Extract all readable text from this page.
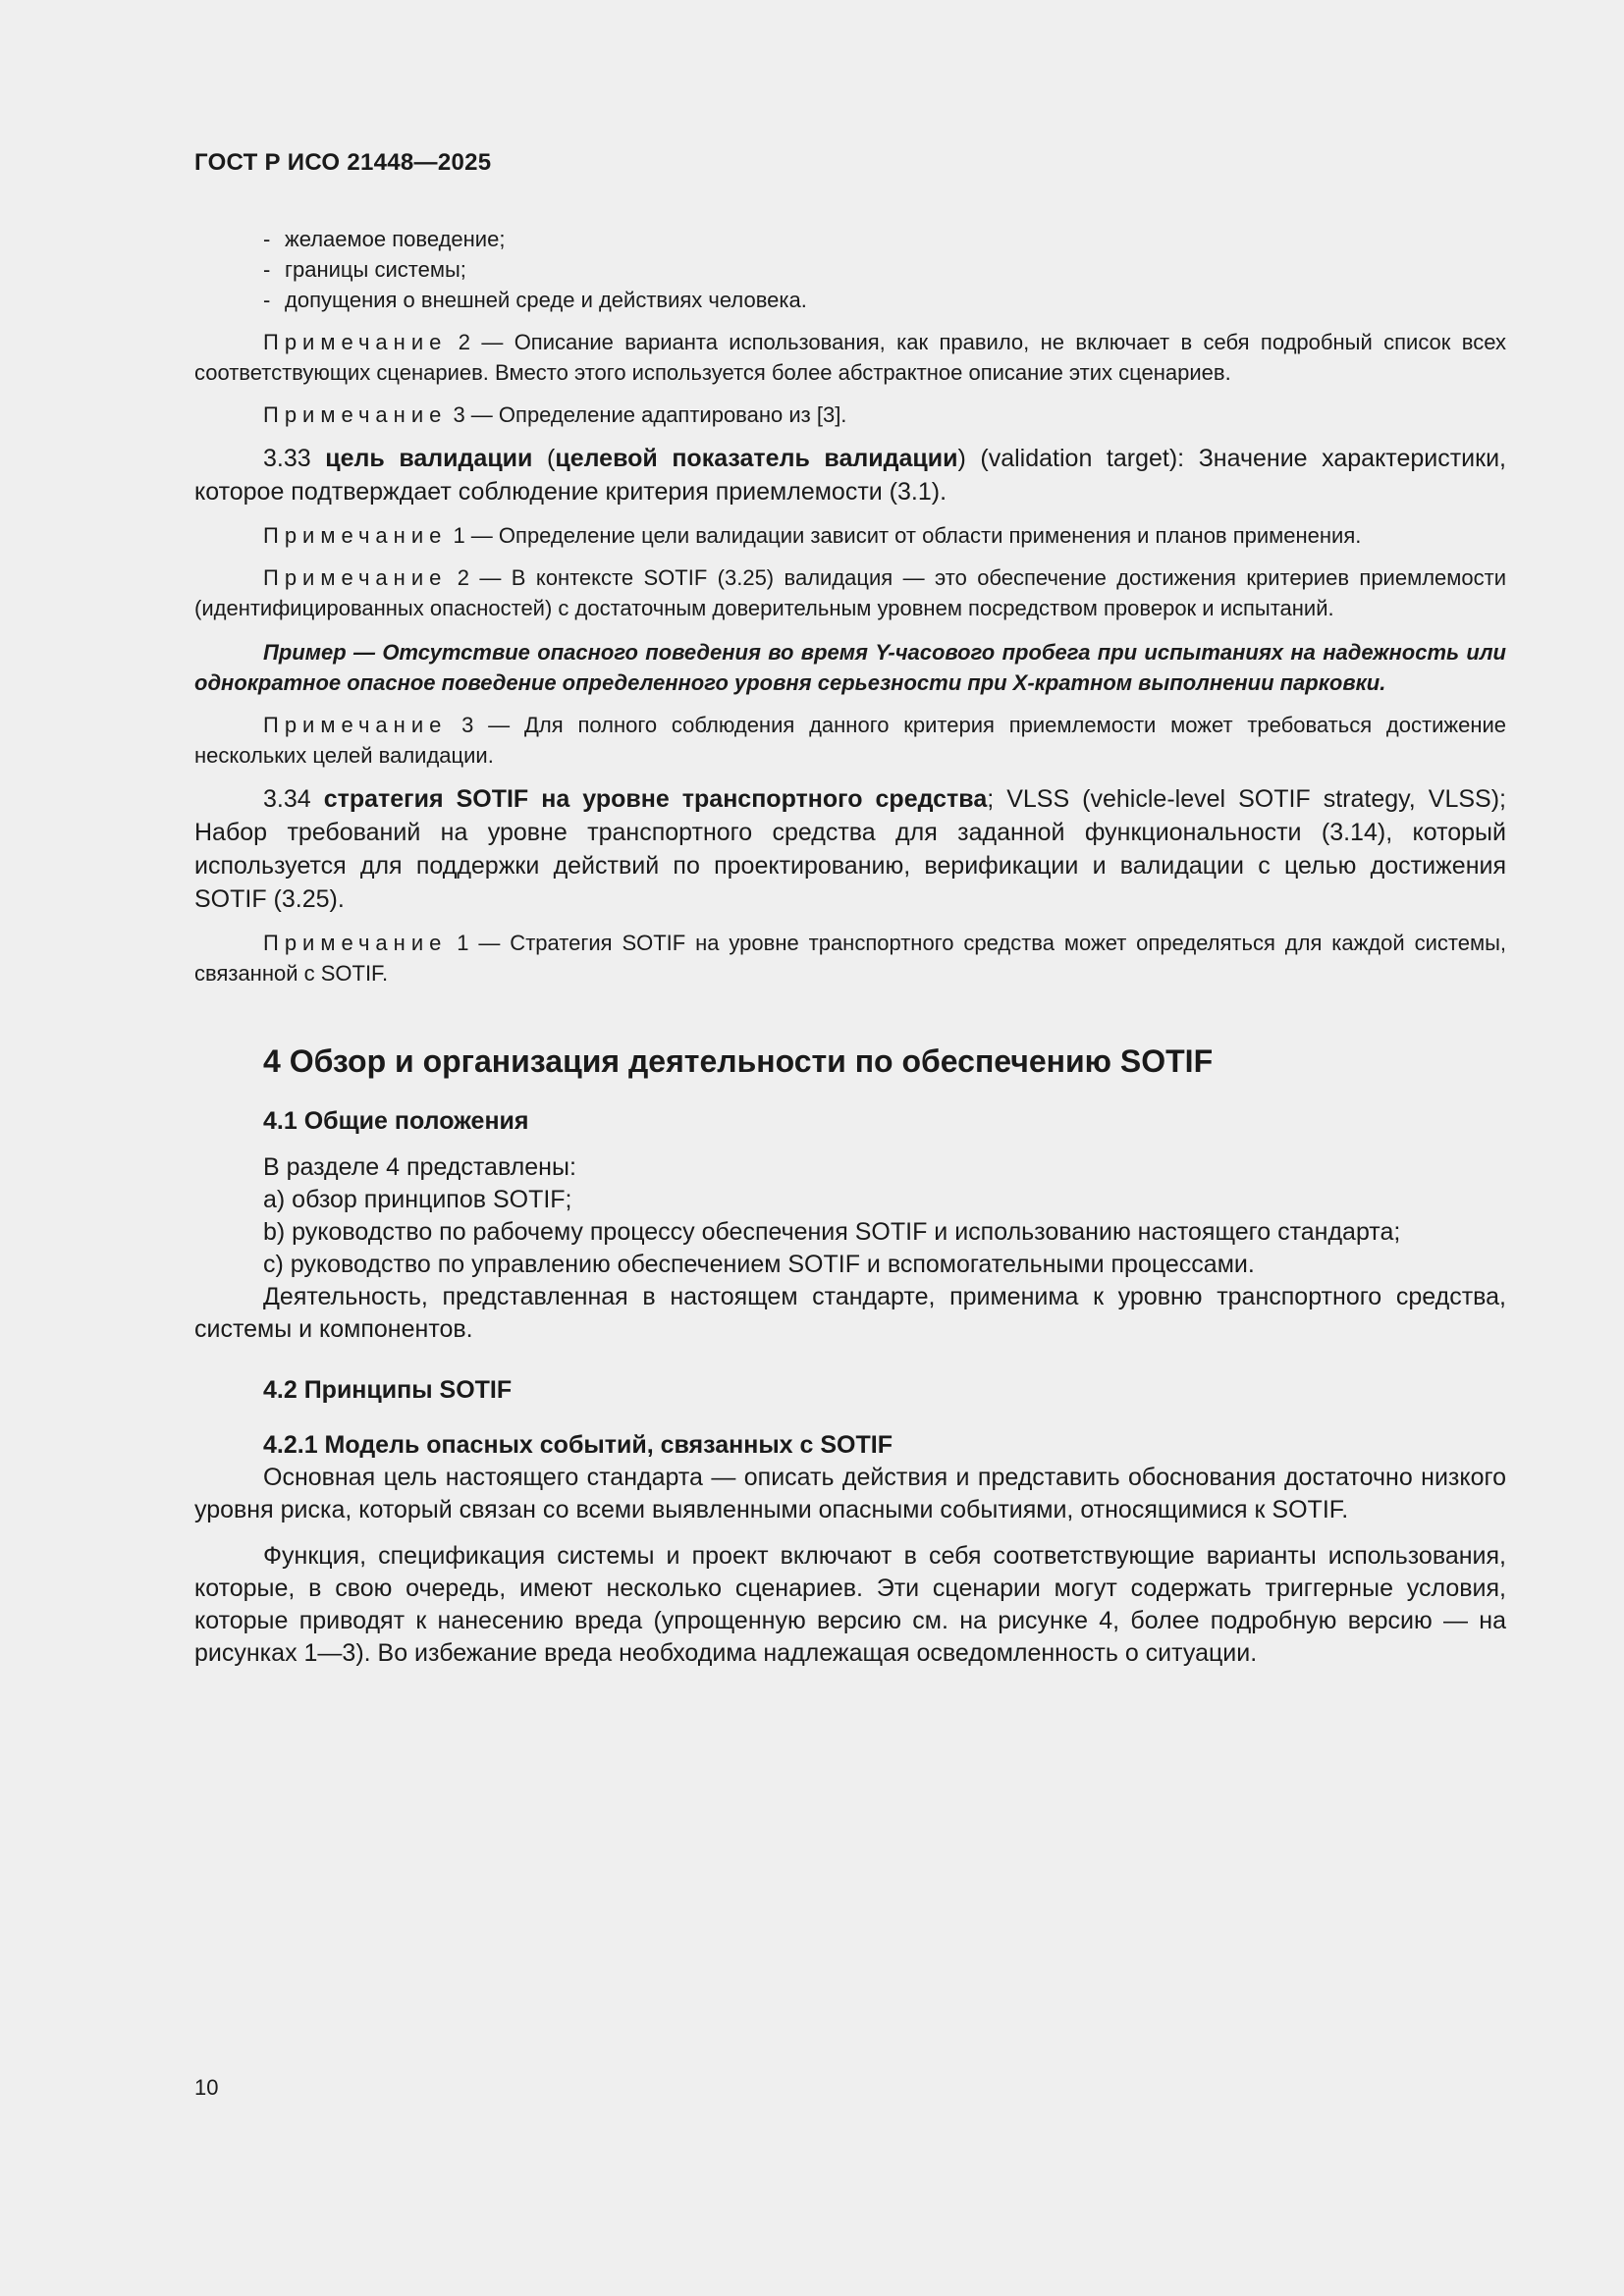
ГОСТ Р ИСО 21448—2025
- желаемое поведение;
- границы системы;
- допущения о внешней среде и действиях человека.

Примечание 2 — Описание варианта использования, как правило, не включает в себя подробный список всех соответствующих сценариев. Вместо этого используется более абстрактное описание этих сценариев.

Примечание 3 — Определение адаптировано из [3].

3.33 цель валидации (целевой показатель валидации) (validation target): Значение характеристики, которое подтверждает соблюдение критерия приемлемости (3.1).

Примечание 1 — Определение цели валидации зависит от области применения и планов применения.

Примечание 2 — В контексте SOTIF (3.25) валидация — это обеспечение достижения критериев приемлемости (идентифицированных опасностей) с достаточным доверительным уровнем посредством проверок и испытаний.

Пример — Отсутствие опасного поведения во время Y-часового пробега при испытаниях на надежность или однократное опасное поведение определенного уровня серьезности при Х-кратном выполнении парковки.

Примечание 3 — Для полного соблюдения данного критерия приемлемости может требоваться достижение нескольких целей валидации.

3.34 стратегия SOTIF на уровне транспортного средства; VLSS (vehicle-level SOTIF strategy, VLSS); Набор требований на уровне транспортного средства для заданной функциональности (3.14), который используется для поддержки действий по проектированию, верификации и валидации с целью достижения SOTIF (3.25).

Примечание 1 — Стратегия SOTIF на уровне транспортного средства может определяться для каждой системы, связанной с SOTIF.

4 Обзор и организация деятельности по обеспечению SOTIF
4.1 Общие положения

В разделе 4 представлены:

a) обзор принципов SOTIF;

b) руководство по рабочему процессу обеспечения SOTIF и использованию настоящего стандарта;

c) руководство по управлению обеспечением SOTIF и вспомогательными процессами.

Деятельность, представленная в настоящем стандарте, применима к уровню транспортного средства, системы и компонентов.

4.2 Принципы SOTIF
4.2.1 Модель опасных событий, связанных с SOTIF

Основная цель настоящего стандарта — описать действия и представить обоснования достаточно низкого уровня риска, который связан со всеми выявленными опасными событиями, относящимися к SOTIF.

Функция, спецификация системы и проект включают в себя соответствующие варианты использования, которые, в свою очередь, имеют несколько сценариев. Эти сценарии могут содержать триггерные условия, которые приводят к нанесению вреда (упрощенную версию см. на рисунке 4, более подробную версию — на рисунках 1—3). Во избежание вреда необходима надлежащая осведомленность о ситуации.

10
